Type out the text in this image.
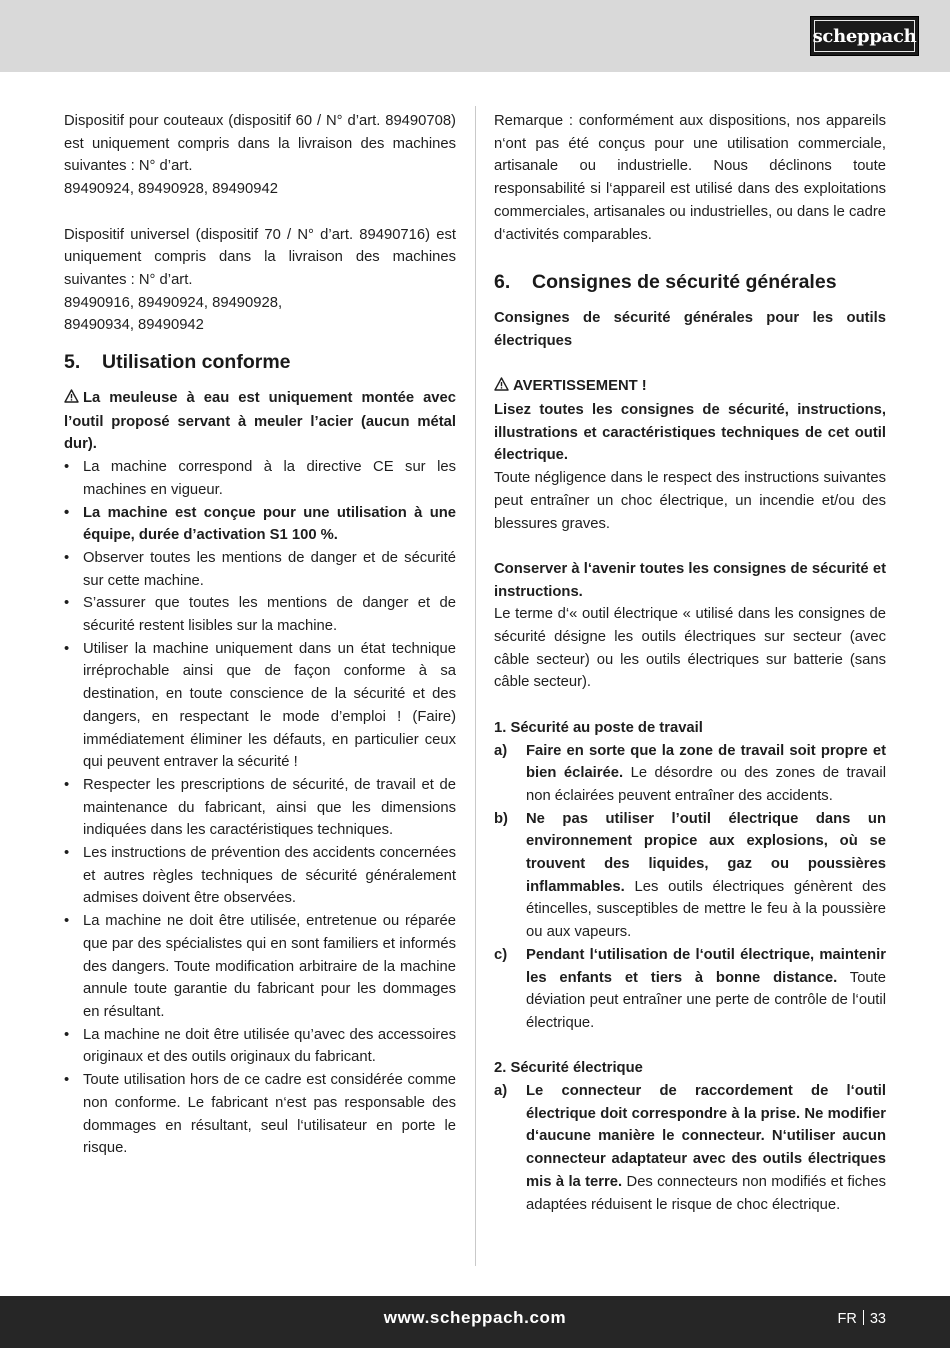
scheppach

Dispositif pour couteaux (dispositif 60 / N° d’art. 89490708) est uniquement compris dans la livraison des machines suivantes : N° d’art.

89490924, 89490928, 89490942

Dispositif universel (dispositif 70 / N° d’art. 89490716) est uniquement compris dans la livraison des machines suivantes : N° d’art.

89490916, 89490924, 89490928,

89490934, 89490942

5.	Utilisation conforme

La meuleuse à eau est uniquement montée avec l’outil proposé servant à meuler l’acier (aucun métal dur).

• La machine correspond à la directive CE sur les machines en vigueur.
• La machine est conçue pour une utilisation à une équipe, durée d’activation S1 100 %.
• Observer toutes les mentions de danger et de sécurité sur cette machine.
• S’assurer que toutes les mentions de danger et de sécurité restent lisibles sur la machine.
• Utiliser la machine uniquement dans un état technique irréprochable ainsi que de façon conforme à sa destination, en toute conscience de la sécurité et des dangers, en respectant le mode d’emploi ! (Faire) immédiatement éliminer les défauts, en particulier ceux qui peuvent entraver la sécurité !
• Respecter les prescriptions de sécurité, de travail et de maintenance du fabricant, ainsi que les dimensions indiquées dans les caractéristiques techniques.
• Les instructions de prévention des accidents concernées et autres règles techniques de sécurité généralement admises doivent être observées.
• La machine ne doit être utilisée, entretenue ou réparée que par des spécialistes qui en sont familiers et informés des dangers. Toute modification arbitraire de la machine annule toute garantie du fabricant pour les dommages en résultant.
• La machine ne doit être utilisée qu’avec des accessoires originaux et des outils originaux du fabricant.
• Toute utilisation hors de ce cadre est considérée comme non conforme. Le fabricant n‘est pas responsable des dommages en résultant, seul l‘utilisateur en porte le risque.

Remarque : conformément aux dispositions, nos appareils n‘ont pas été conçus pour une utilisation commerciale, artisanale ou industrielle. Nous déclinons toute responsabilité si l‘appareil est utilisé dans des exploitations commerciales, artisanales ou industrielles, ou dans le cadre d‘activités comparables.

6.	Consignes de sécurité générales

Consignes de sécurité générales pour les outils électriques

AVERTISSEMENT !

Lisez toutes les consignes de sécurité, instructions, illustrations et caractéristiques techniques de cet outil électrique.

Toute négligence dans le respect des instructions suivantes peut entraîner un choc électrique, un incendie et/ou des blessures graves.

Conserver à l‘avenir toutes les consignes de sécurité et instructions.

Le terme d‘« outil électrique « utilisé dans les consignes de sécurité désigne les outils électriques sur secteur (avec câble secteur) ou les outils électriques sur batterie (sans câble secteur).

1. Sécurité au poste de travail

a)	Faire en sorte que la zone de travail soit propre et bien éclairée. Le désordre ou des zones de travail non éclairées peuvent entraîner des accidents.
b)	Ne pas utiliser l’outil électrique dans un environnement propice aux explosions, où se trouvent des liquides, gaz ou poussières inflammables. Les outils électriques génèrent des étincelles, susceptibles de mettre le feu à la poussière ou aux vapeurs.
c)	Pendant l‘utilisation de l‘outil électrique, maintenir les enfants et tiers à bonne distance. Toute déviation peut entraîner une perte de contrôle de l‘outil électrique.

2. Sécurité électrique

a)	Le connecteur de raccordement de l‘outil électrique doit correspondre à la prise. Ne modifier d‘aucune manière le connecteur. N‘utiliser aucun connecteur adaptateur avec des outils électriques mis à la terre. Des connecteurs non modifiés et fiches adaptées réduisent le risque de choc électrique.
www.scheppach.com	FR 33
